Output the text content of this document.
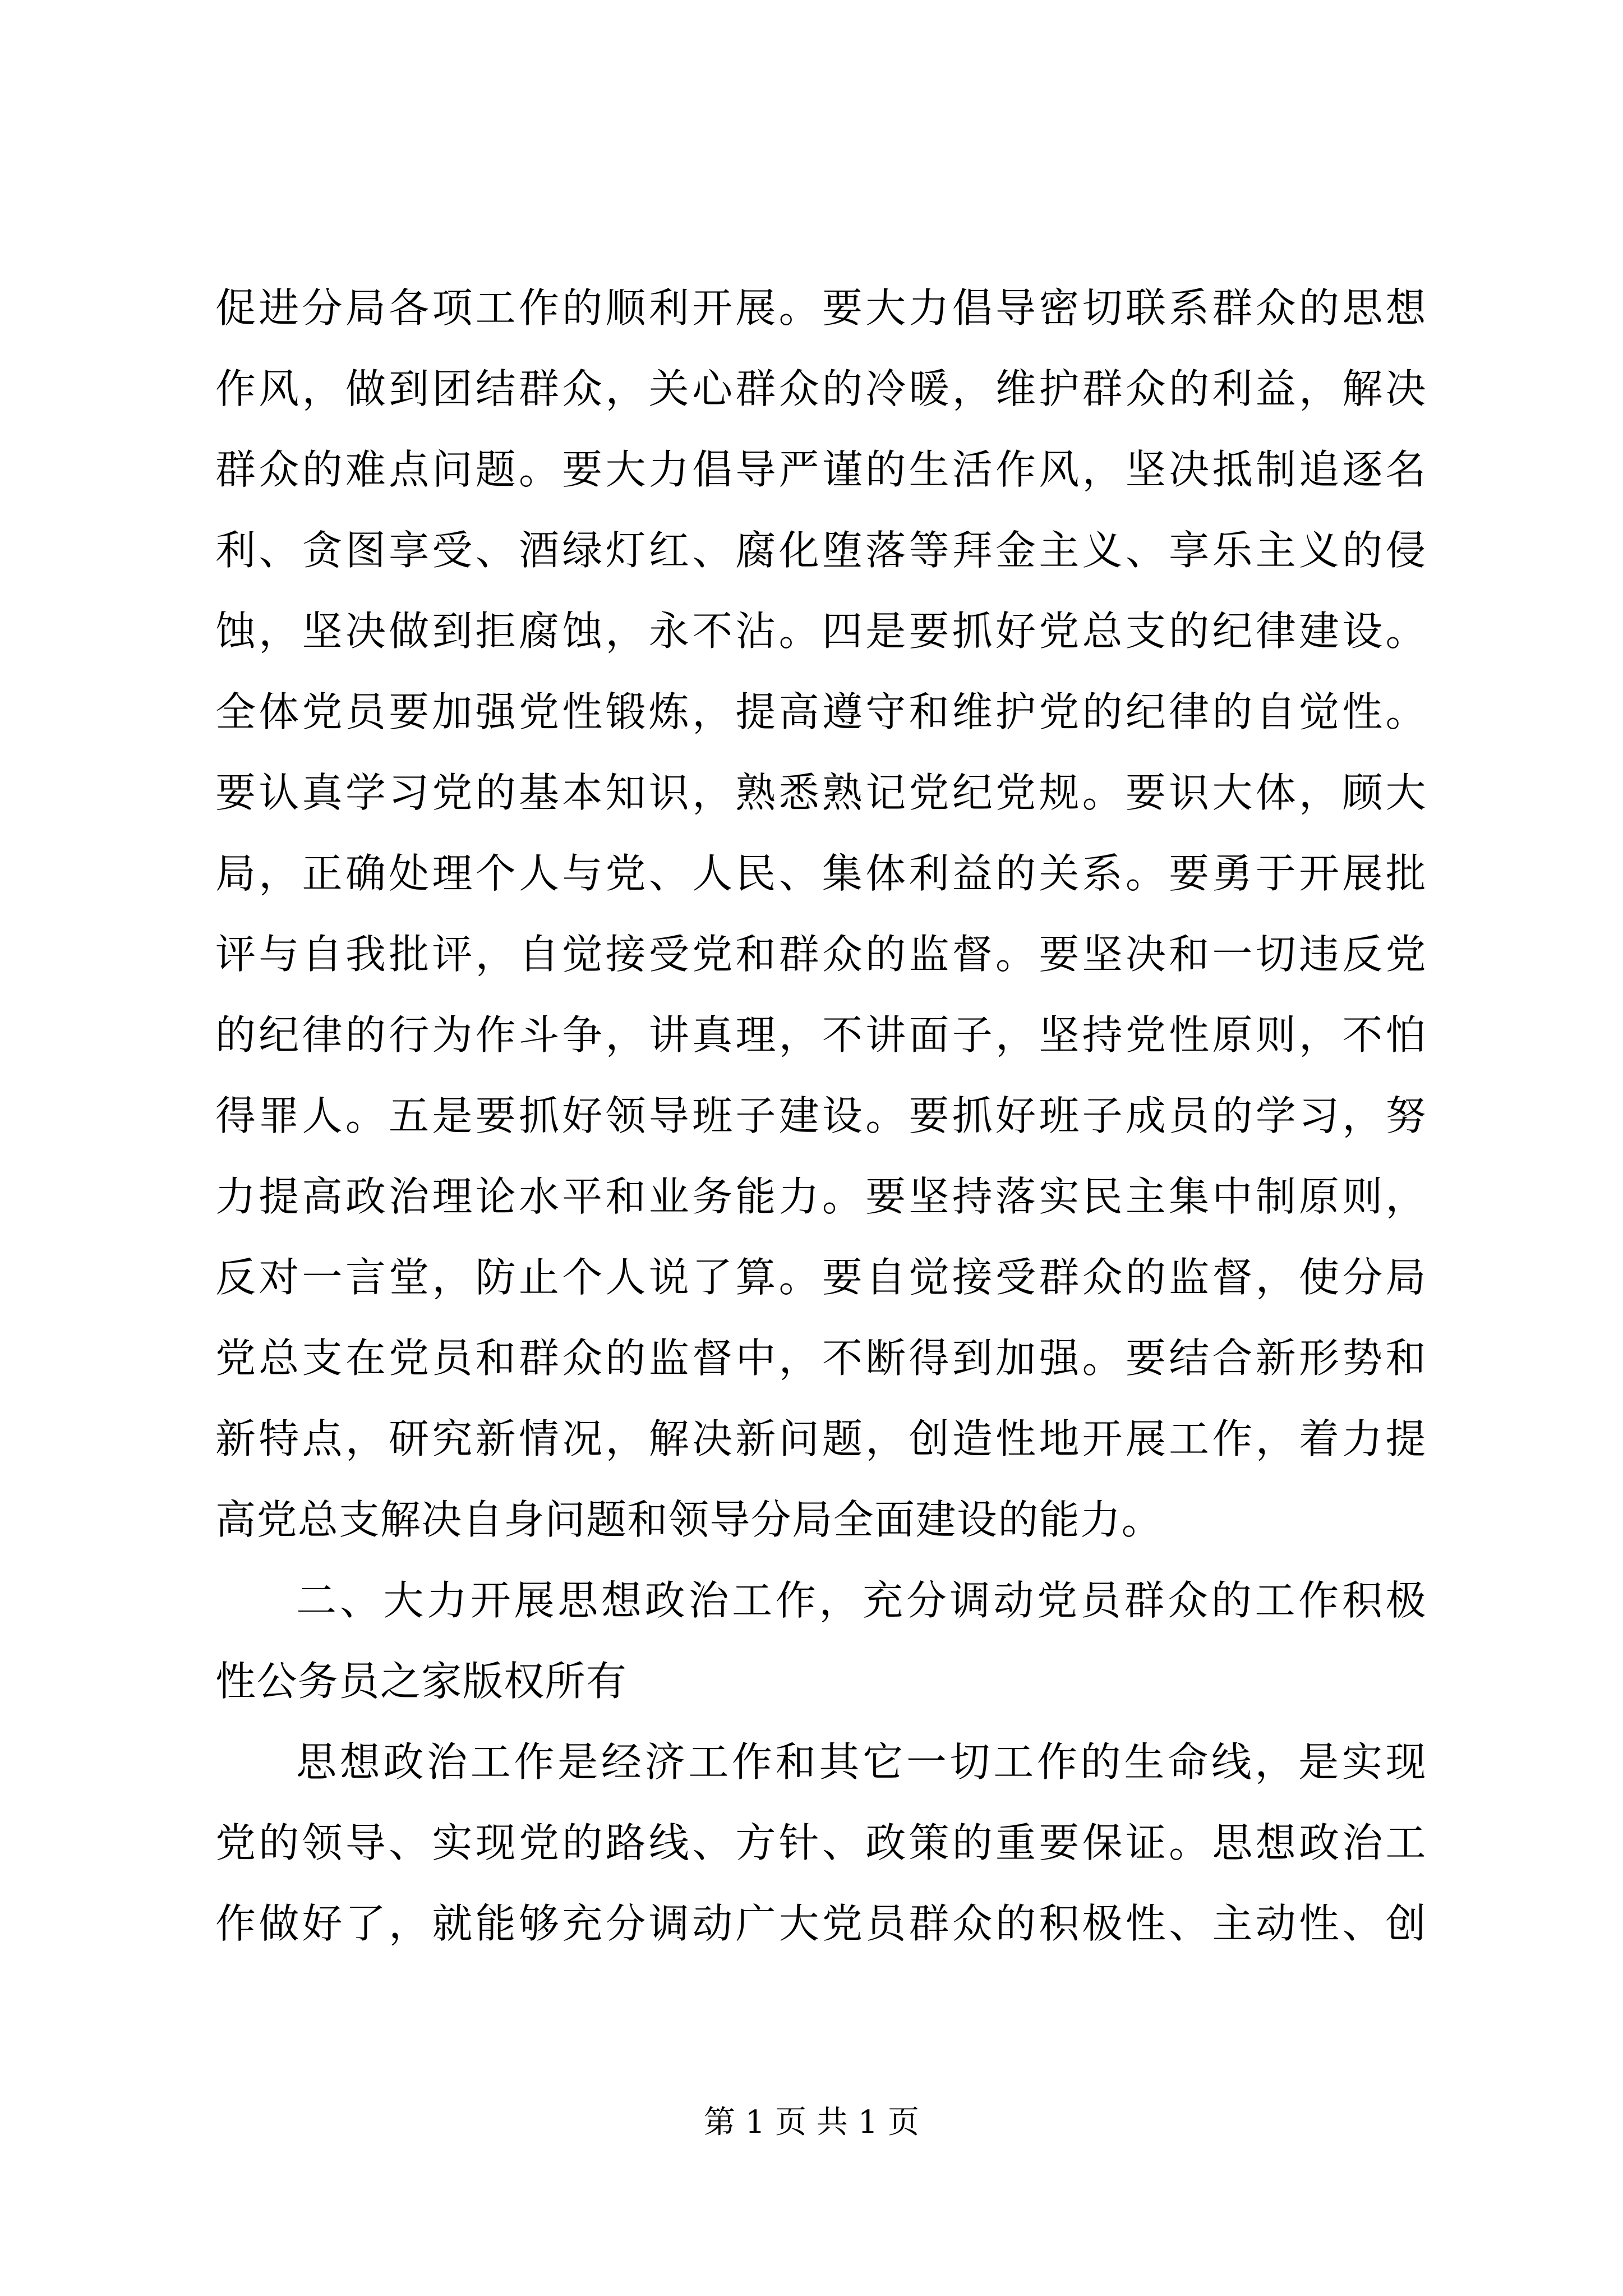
促进分局各项工作的顺利开展。要大力倡导密切联系群众的思想
作风，做到团结群众，关心群众的冷暖，维护群众的利益，解决
群众的难点问题。要大力倡导严谨的生活作风，坚决抵制追逐名
利、贪图享受、酒绿灯红、腐化堕落等拜金主义、享乐主义的侵
蚀，坚决做到拒腐蚀，永不沾。四是要抓好党总支的纪律建设。
全体党员要加强党性锻炼，提高遵守和维护党的纪律的自觉性。
要认真学习党的基本知识，熟悉熟记党纪党规。要识大体，顾大
局，正确处理个人与党、人民、集体利益的关系。要勇于开展批
评与自我批评，自觉接受党和群众的监督。要坚决和一切违反党
的纪律的行为作斗争，讲真理，不讲面子，坚持党性原则，不怕
得罪人。五是要抓好领导班子建设。要抓好班子成员的学习，努
力提高政治理论水平和业务能力。要坚持落实民主集中制原则，
反对一言堂，防止个人说了算。要自觉接受群众的监督，使分局
党总支在党员和群众的监督中，不断得到加强。要结合新形势和
新特点，研究新情况，解决新问题，创造性地开展工作，着力提
高党总支解决自身问题和领导分局全面建设的能力。
二、大力开展思想政治工作，充分调动党员群众的工作积极
性公务员之家版权所有
思想政治工作是经济工作和其它一切工作的生命线，是实现
党的领导、实现党的路线、方针、政策的重要保证。思想政治工
作做好了，就能够充分调动广大党员群众的积极性、主动性、创
第 1 页 共 1 页
